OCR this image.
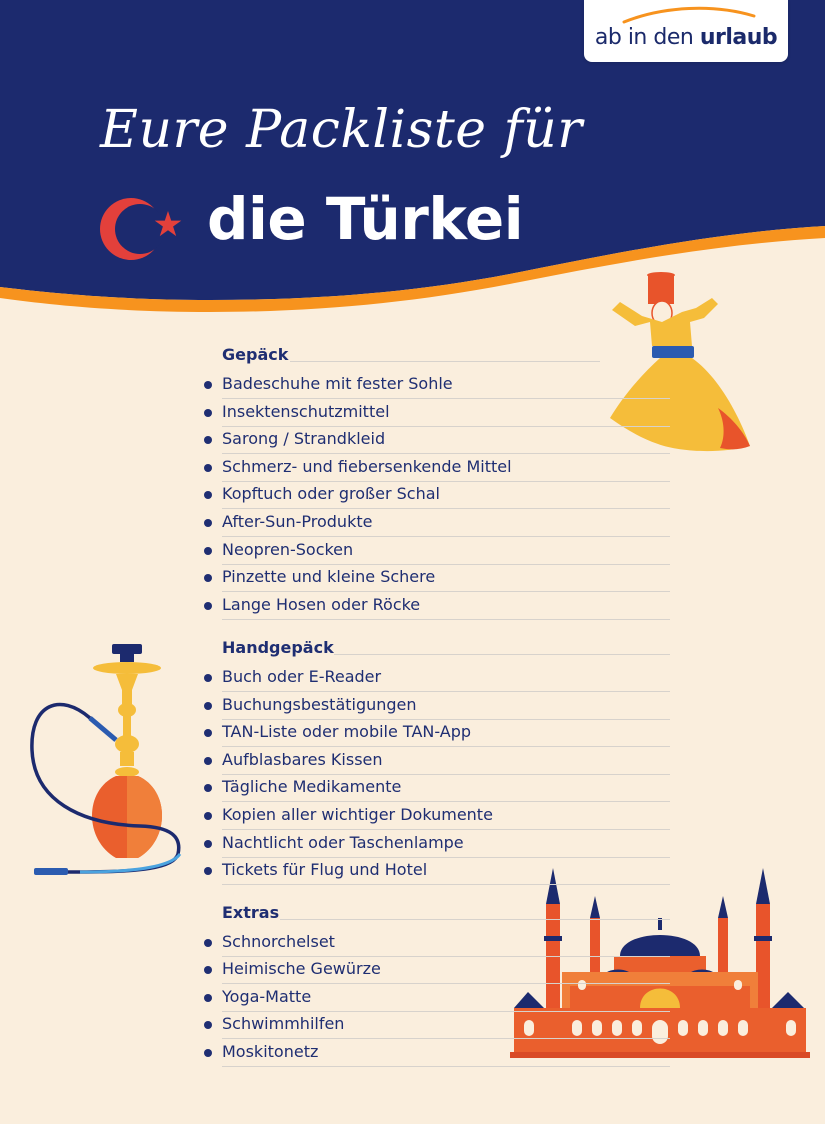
ab in den urlaub
Eure Packliste für
die Türkei
Gepäck
Badeschuhe mit fester Sohle
Insektenschutzmittel
Sarong / Strandkleid
Schmerz- und fiebersenkende Mittel
Kopftuch oder großer Schal
After-Sun-Produkte
Neopren-Socken
Pinzette und kleine Schere
Lange Hosen oder Röcke
Handgepäck
Buch oder E-Reader
Buchungsbestätigungen
TAN-Liste oder mobile TAN-App
Aufblasbares Kissen
Tägliche Medikamente
Kopien aller wichtiger Dokumente
Nachtlicht oder Taschenlampe
Tickets für Flug und Hotel
Extras
Schnorchelset
Heimische Gewürze
Yoga-Matte
Schwimmhilfen
Moskitonetz
